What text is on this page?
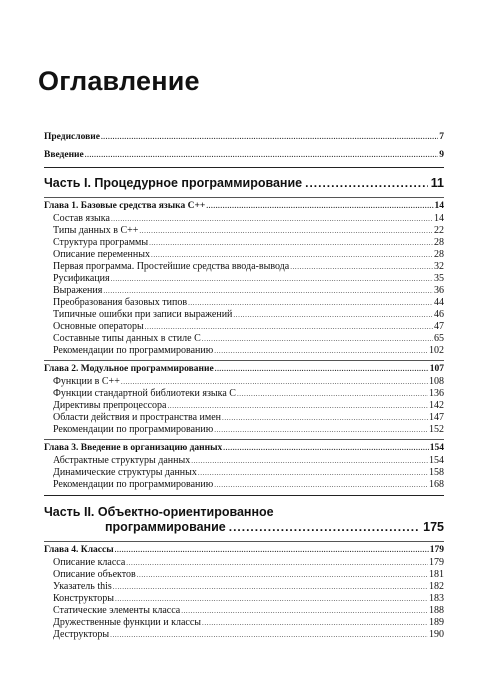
Оглавление
Предисловие .....	7
Введение .....	9
Часть I. Процедурное программирование .....	11
Глава 1. Базовые средства языка C++ .....	14
Состав языка .....	14
Типы данных в C++ .....	22
Структура программы .....	28
Описание переменных .....	28
Первая программа. Простейшие средства ввода-вывода .....	32
Русификация .....	35
Выражения .....	36
Преобразования базовых типов .....	44
Типичные ошибки при записи выражений .....	46
Основные операторы .....	47
Составные типы данных в стиле C .....	65
Рекомендации по программированию .....	102
Глава 2. Модульное программирование .....	107
Функции в C++ .....	108
Функции стандартной библиотеки языка C .....	136
Директивы препроцессора .....	142
Области действия и пространства имен .....	147
Рекомендации по программированию .....	152
Глава 3. Введение в организацию данных .....	154
Абстрактные структуры данных .....	154
Динамические структуры данных .....	158
Рекомендации по программированию .....	168
Часть II. Объектно-ориентированное
программирование .....	175
Глава 4. Классы .....	179
Описание класса .....	179
Описание объектов .....	181
Указатель this .....	182
Конструкторы .....	183
Статические элементы класса .....	188
Дружественные функции и классы .....	189
Деструкторы .....	190
